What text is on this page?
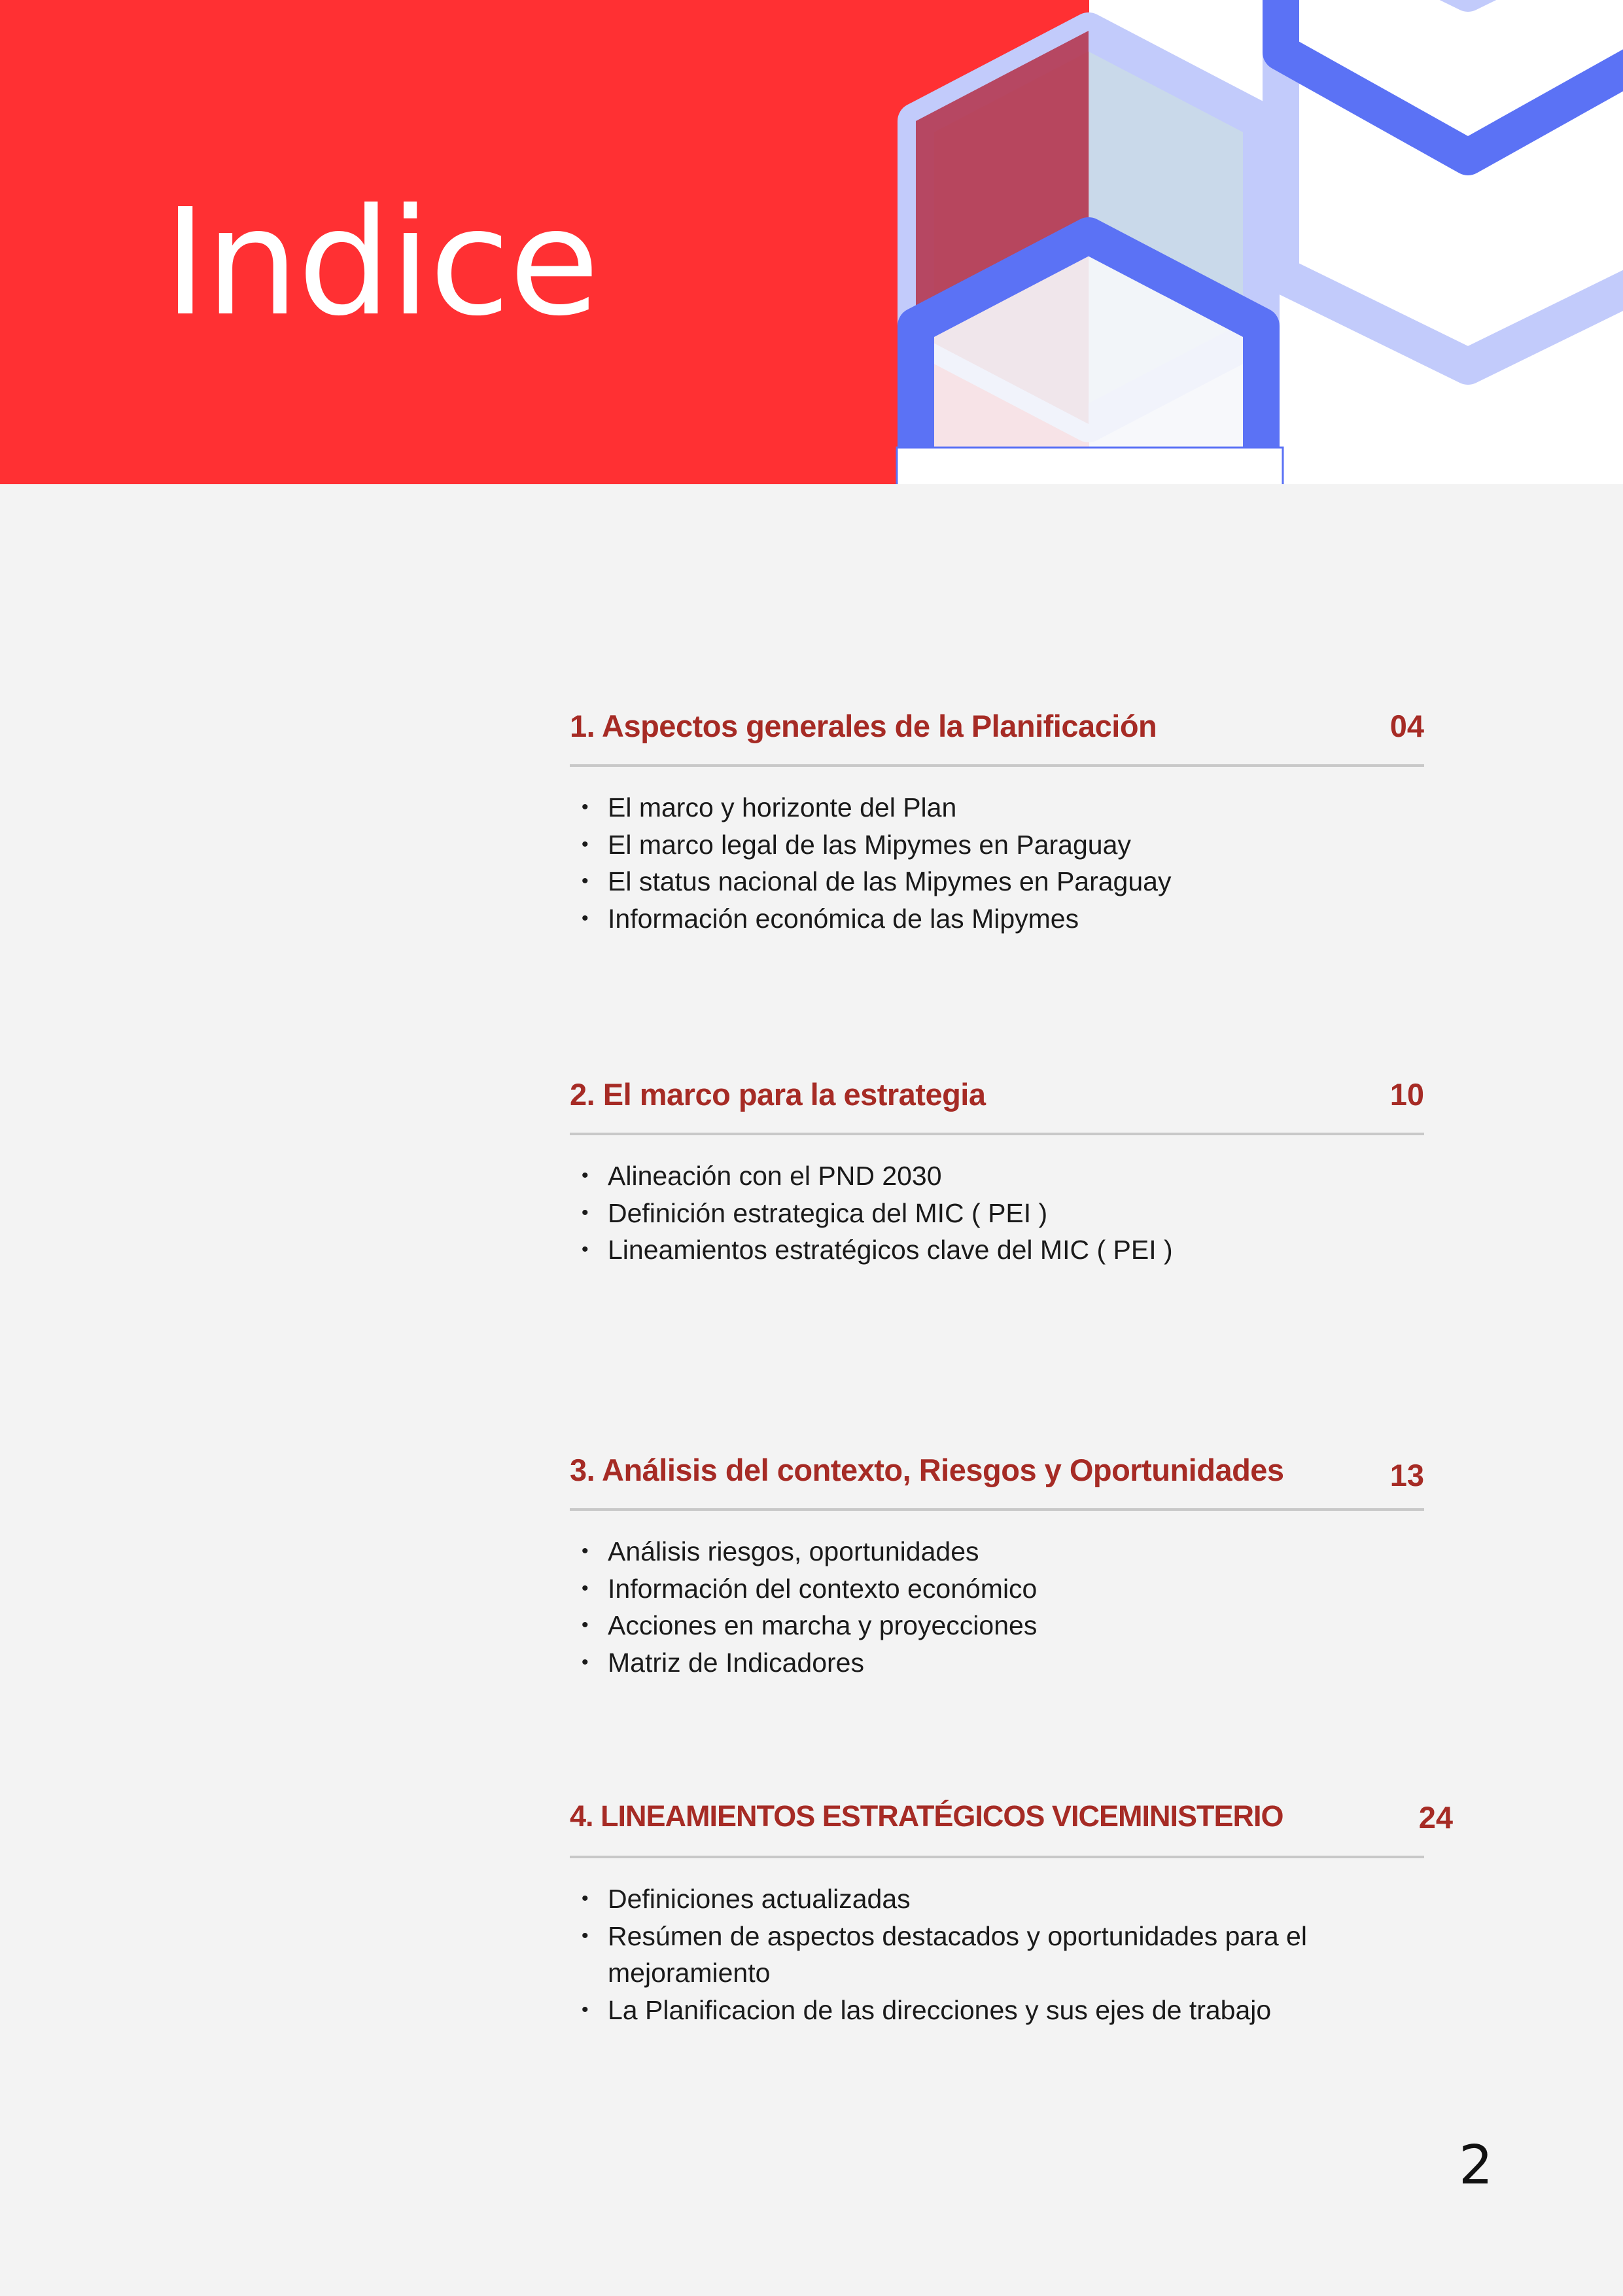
Indice
1. Aspectos generales de la Planificación	04
• El marco y horizonte del Plan
• El marco legal de las Mipymes en Paraguay
• El status nacional de las Mipymes en Paraguay
• Información económica de las Mipymes
2. El marco para la estrategia	10
• Alineación con el PND 2030
• Definición estrategica del MIC ( PEI )
• Lineamientos estratégicos clave del MIC ( PEI )
3. Análisis del contexto, Riesgos y Oportunidades	13
• Análisis riesgos, oportunidades
• Información del contexto económico
• Acciones en marcha y proyecciones
• Matriz de Indicadores
4. LINEAMIENTOS ESTRATÉGICOS VICEMINISTERIO	24
• Definiciones actualizadas
• Resúmen de aspectos destacados y oportunidades para el mejoramiento
• La Planificacion de las direcciones y sus ejes de trabajo
2
